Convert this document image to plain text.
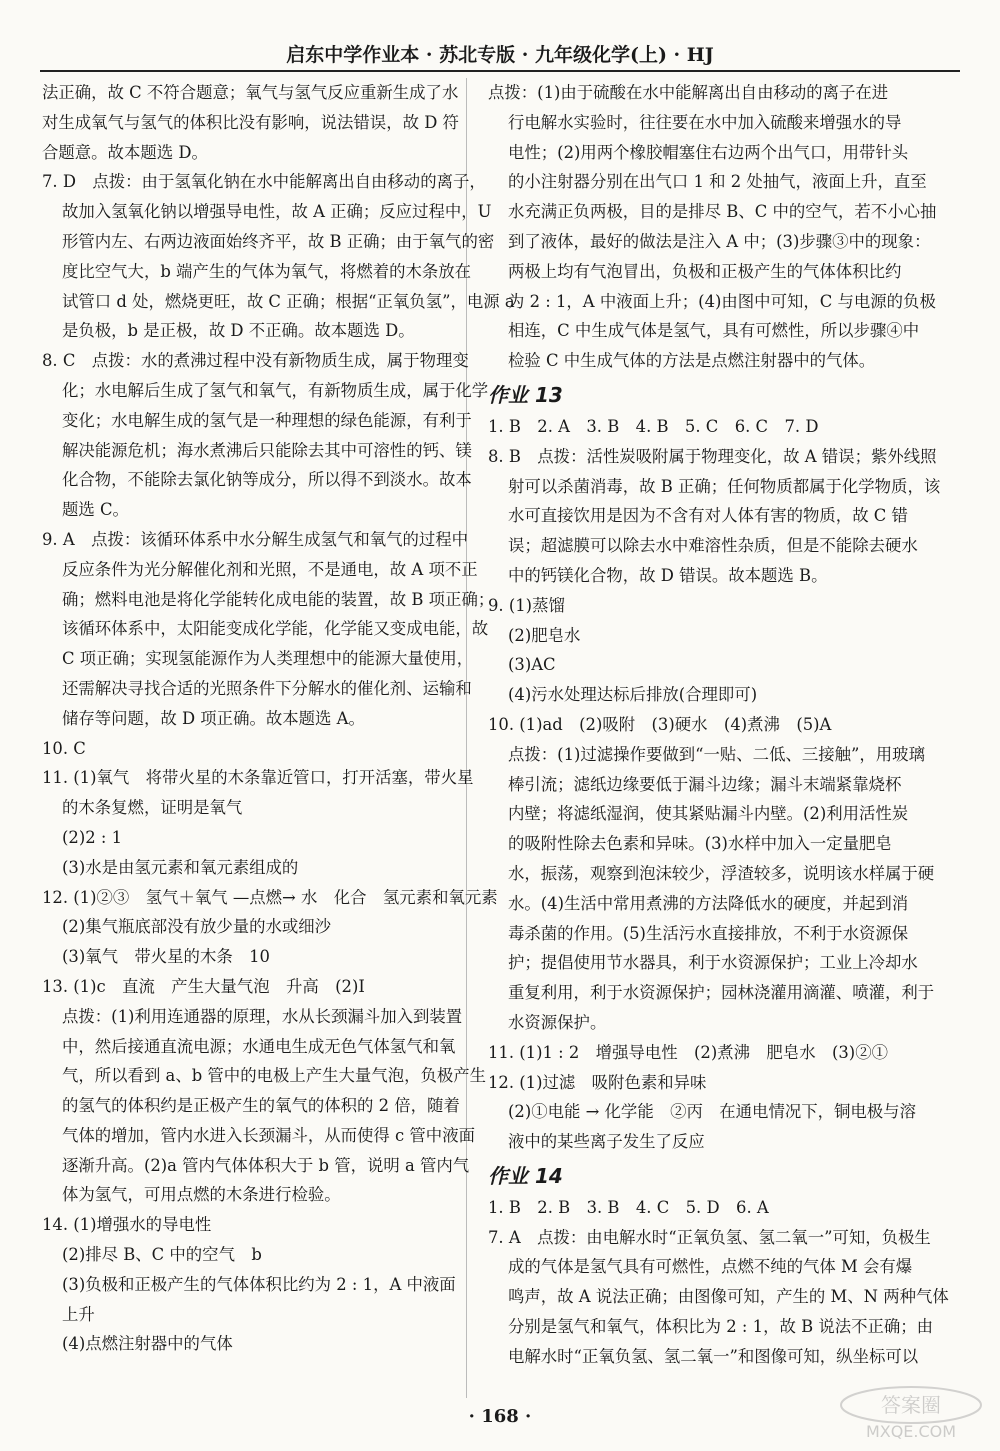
启东中学作业本 · 苏北专版 · 九年级化学(上) · HJ
法正确，故 C 不符合题意；氧气与氢气反应重新生成了水
对生成氧气与氢气的体积比没有影响，说法错误，故 D 符
合题意。故本题选 D。
7. D　点拨：由于氢氧化钠在水中能解离出自由移动的离子，
故加入氢氧化钠以增强导电性，故 A 正确；反应过程中，U
形管内左、右两边液面始终齐平，故 B 正确；由于氧气的密
度比空气大，b 端产生的气体为氧气，将燃着的木条放在
试管口 d 处，燃烧更旺，故 C 正确；根据“正氧负氢”，电源 a
是负极，b 是正极，故 D 不正确。故本题选 D。
8. C　点拨：水的煮沸过程中没有新物质生成，属于物理变
化；水电解后生成了氢气和氧气，有新物质生成，属于化学
变化；水电解生成的氢气是一种理想的绿色能源，有利于
解决能源危机；海水煮沸后只能除去其中可溶性的钙、镁
化合物，不能除去氯化钠等成分，所以得不到淡水。故本
题选 C。
9. A　点拨：该循环体系中水分解生成氢气和氧气的过程中
反应条件为光分解催化剂和光照，不是通电，故 A 项不正
确；燃料电池是将化学能转化成电能的装置，故 B 项正确；
该循环体系中，太阳能变成化学能，化学能又变成电能，故
C 项正确；实现氢能源作为人类理想中的能源大量使用，
还需解决寻找合适的光照条件下分解水的催化剂、运输和
储存等问题，故 D 项正确。故本题选 A。
10. C
11. (1)氧气　将带火星的木条靠近管口，打开活塞，带火星
的木条复燃，证明是氧气
(2)2 : 1
(3)水是由氢元素和氧元素组成的
12. (1)②③　氢气＋氧气 —点燃→ 水　化合　氢元素和氧元素
(2)集气瓶底部没有放少量的水或细沙
(3)氧气　带火星的木条　10
13. (1)c　直流　产生大量气泡　升高　(2)Ⅰ
点拨：(1)利用连通器的原理，水从长颈漏斗加入到装置
中，然后接通直流电源；水通电生成无色气体氢气和氧
气，所以看到 a、b 管中的电极上产生大量气泡，负极产生
的氢气的体积约是正极产生的氧气的体积的 2 倍，随着
气体的增加，管内水进入长颈漏斗，从而使得 c 管中液面
逐渐升高。(2)a 管内气体体积大于 b 管，说明 a 管内气
体为氢气，可用点燃的木条进行检验。
14. (1)增强水的导电性
(2)排尽 B、C 中的空气　b
(3)负极和正极产生的气体体积比约为 2 : 1，A 中液面
上升
(4)点燃注射器中的气体
点拨：(1)由于硫酸在水中能解离出自由移动的离子在进
行电解水实验时，往往要在水中加入硫酸来增强水的导
电性；(2)用两个橡胶帽塞住右边两个出气口，用带针头
的小注射器分别在出气口 1 和 2 处抽气，液面上升，直至
水充满正负两极，目的是排尽 B、C 中的空气，若不小心抽
到了液体，最好的做法是注入 A 中；(3)步骤③中的现象：
两极上均有气泡冒出，负极和正极产生的气体体积比约
为 2 : 1，A 中液面上升；(4)由图中可知，C 与电源的负极
相连，C 中生成气体是氢气，具有可燃性，所以步骤④中
检验 C 中生成气体的方法是点燃注射器中的气体。
作业 13
1. B　2. A　3. B　4. B　5. C　6. C　7. D
8. B　点拨：活性炭吸附属于物理变化，故 A 错误；紫外线照
射可以杀菌消毒，故 B 正确；任何物质都属于化学物质，该
水可直接饮用是因为不含有对人体有害的物质，故 C 错
误；超滤膜可以除去水中难溶性杂质，但是不能除去硬水
中的钙镁化合物，故 D 错误。故本题选 B。
9. (1)蒸馏
(2)肥皂水
(3)AC
(4)污水处理达标后排放(合理即可)
10. (1)ad　(2)吸附　(3)硬水　(4)煮沸　(5)A
点拨：(1)过滤操作要做到“一贴、二低、三接触”，用玻璃
棒引流；滤纸边缘要低于漏斗边缘；漏斗末端紧靠烧杯
内壁；将滤纸湿润，使其紧贴漏斗内壁。(2)利用活性炭
的吸附性除去色素和异味。(3)水样中加入一定量肥皂
水，振荡，观察到泡沫较少，浮渣较多，说明该水样属于硬
水。(4)生活中常用煮沸的方法降低水的硬度，并起到消
毒杀菌的作用。(5)生活污水直接排放，不利于水资源保
护；提倡使用节水器具，利于水资源保护；工业上冷却水
重复利用，利于水资源保护；园林浇灌用滴灌、喷灌，利于
水资源保护。
11. (1)1 : 2　增强导电性　(2)煮沸　肥皂水　(3)②①
12. (1)过滤　吸附色素和异味
(2)①电能 → 化学能　②丙　在通电情况下，铜电极与溶
液中的某些离子发生了反应
作业 14
1. B　2. B　3. B　4. C　5. D　6. A
7. A　点拨：由电解水时“正氧负氢、氢二氧一”可知，负极生
成的气体是氢气具有可燃性，点燃不纯的气体 M 会有爆
鸣声，故 A 说法正确；由图像可知，产生的 M、N 两种气体
分别是氢气和氧气，体积比为 2 : 1，故 B 说法不正确；由
电解水时“正氧负氢、氢二氧一”和图像可知，纵坐标可以
· 168 ·	答案圈
MXQE.COM
